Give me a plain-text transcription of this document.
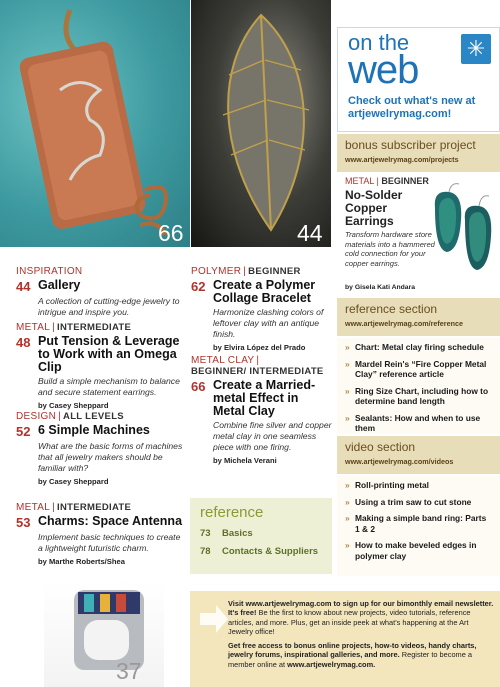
66	44
37
INSPIRATION
44 Gallery
A collection of cutting-edge jewelry to intrigue and inspire you.
METAL | INTERMEDIATE
48 Put Tension & Leverage to Work with an Omega Clip
Build a simple mechanism to balance and secure statement earrings.
by Casey Sheppard
DESIGN | ALL LEVELS
52 6 Simple Machines
What are the basic forms of machines that all jewelry makers should be familiar with?
by Casey Sheppard
METAL | INTERMEDIATE
53 Charms: Space Antenna
Implement basic techniques to create a lightweight futuristic charm.
by Marthe Roberts/Shea
POLYMER | BEGINNER
62 Create a Polymer Collage Bracelet
Harmonize clashing colors of leftover clay with an antique finish.
by Elvira López del Prado
METAL CLAY |
BEGINNER/ INTERMEDIATE
66 Create a Married-metal Effect in Metal Clay
Combine fine silver and copper metal clay in one seamless piece with one firing.
by Michela Verani
reference
73 Basics
78 Contacts & Suppliers
on the
web ✳
Check out what's new at artjewelrymag.com!
bonus subscriber project
www.artjewelrymag.com/projects
METAL | BEGINNER
No-Solder Copper Earrings
Transform hardware store materials into a hammered cold connection for your copper earrings.
by Gisela Kati Andara
reference section
www.artjewelrymag.com/reference
» Chart: Metal clay firing schedule
» Mardel Rein's “Fire Copper Metal Clay” reference article
» Ring Size Chart, including how to determine band length
» Sealants: How and when to use them
video section
www.artjewelrymag.com/videos
» Roll-printing metal
» Using a trim saw to cut stone
» Making a simple band ring: Parts 1 & 2
» How to make beveled edges in polymer clay
Visit www.artjewelrymag.com to sign up for our bimonthly email newsletter. It's free! Be the first to know about new projects, video tutorials, reference articles, and more. Plus, get an inside peek at what's happening at the Art Jewelry office!
Get free access to bonus online projects, how-to videos, handy charts, jewelry forums, inspirational galleries, and more. Register to become a member online at www.artjewelrymag.com.
